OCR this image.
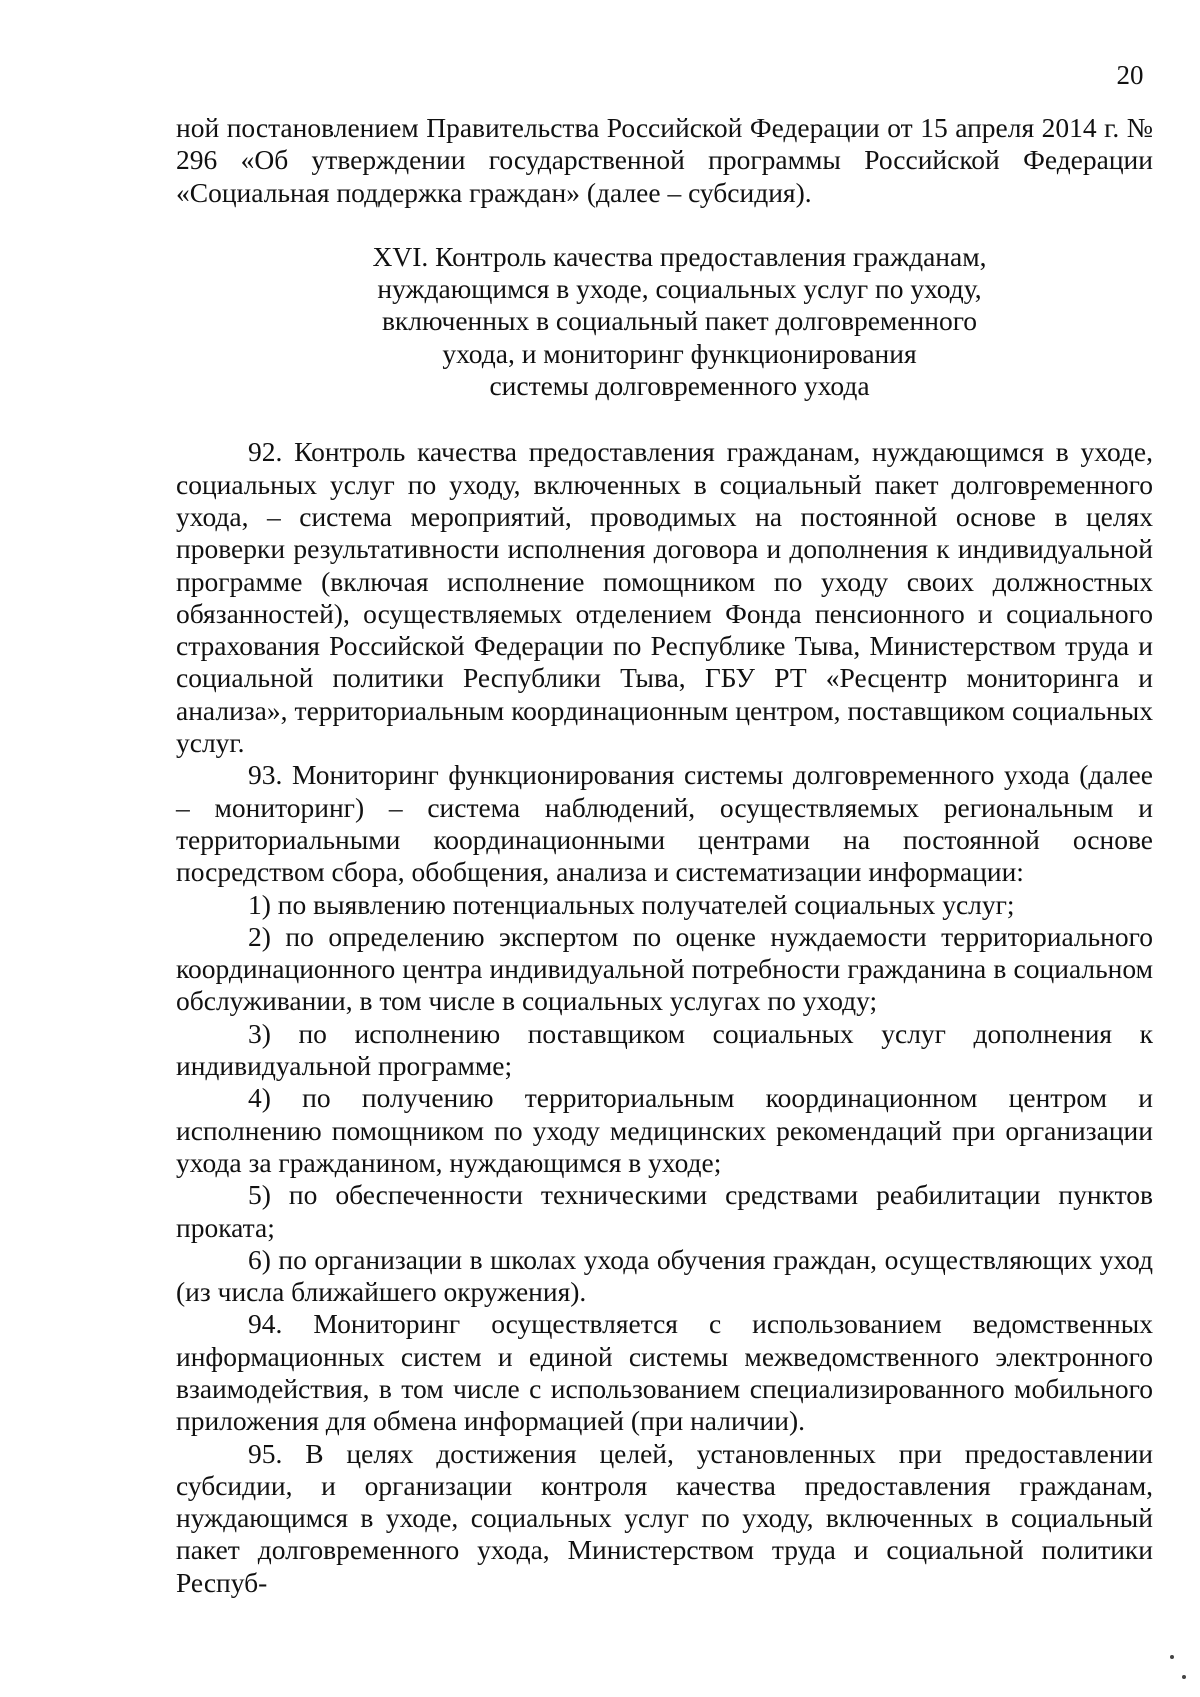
20

ной постановлением Правительства Российской Федерации от 15 апреля 2014 г. № 296 «Об утверждении государственной программы Российской Федерации «Социальная поддержка граждан» (далее – субсидия).

XVI. Контроль качества предоставления гражданам,
нуждающимся в уходе, социальных услуг по уходу,
включенных в социальный пакет долговременного
ухода, и мониторинг функционирования
системы долговременного ухода

92. Контроль качества предоставления гражданам, нуждающимся в уходе, социальных услуг по уходу, включенных в социальный пакет долговременного ухода, – система мероприятий, проводимых на постоянной основе в целях проверки результативности исполнения договора и дополнения к индивидуальной программе (включая исполнение помощником по уходу своих должностных обязанностей), осуществляемых отделением Фонда пенсионного и социального страхования Российской Федерации по Республике Тыва, Министерством труда и социальной политики Республики Тыва, ГБУ РТ «Ресцентр мониторинга и анализа», территориальным координационным центром, поставщиком социальных услуг.

93. Мониторинг функционирования системы долговременного ухода (далее – мониторинг) – система наблюдений, осуществляемых региональным и территориальными координационными центрами на постоянной основе посредством сбора, обобщения, анализа и систематизации информации:

1) по выявлению потенциальных получателей социальных услуг;

2) по определению экспертом по оценке нуждаемости территориального координационного центра индивидуальной потребности гражданина в социальном обслуживании, в том числе в социальных услугах по уходу;

3) по исполнению поставщиком социальных услуг дополнения к индивидуальной программе;

4) по получению территориальным координационном центром и исполнению помощником по уходу медицинских рекомендаций при организации ухода за гражданином, нуждающимся в уходе;

5) по обеспеченности техническими средствами реабилитации пунктов проката;

6) по организации в школах ухода обучения граждан, осуществляющих уход (из числа ближайшего окружения).

94. Мониторинг осуществляется с использованием ведомственных информационных систем и единой системы межведомственного электронного взаимодействия, в том числе с использованием специализированного мобильного приложения для обмена информацией (при наличии).

95. В целях достижения целей, установленных при предоставлении субсидии, и организации контроля качества предоставления гражданам, нуждающимся в уходе, социальных услуг по уходу, включенных в социальный пакет долговременного ухода, Министерством труда и социальной политики Респуб-
